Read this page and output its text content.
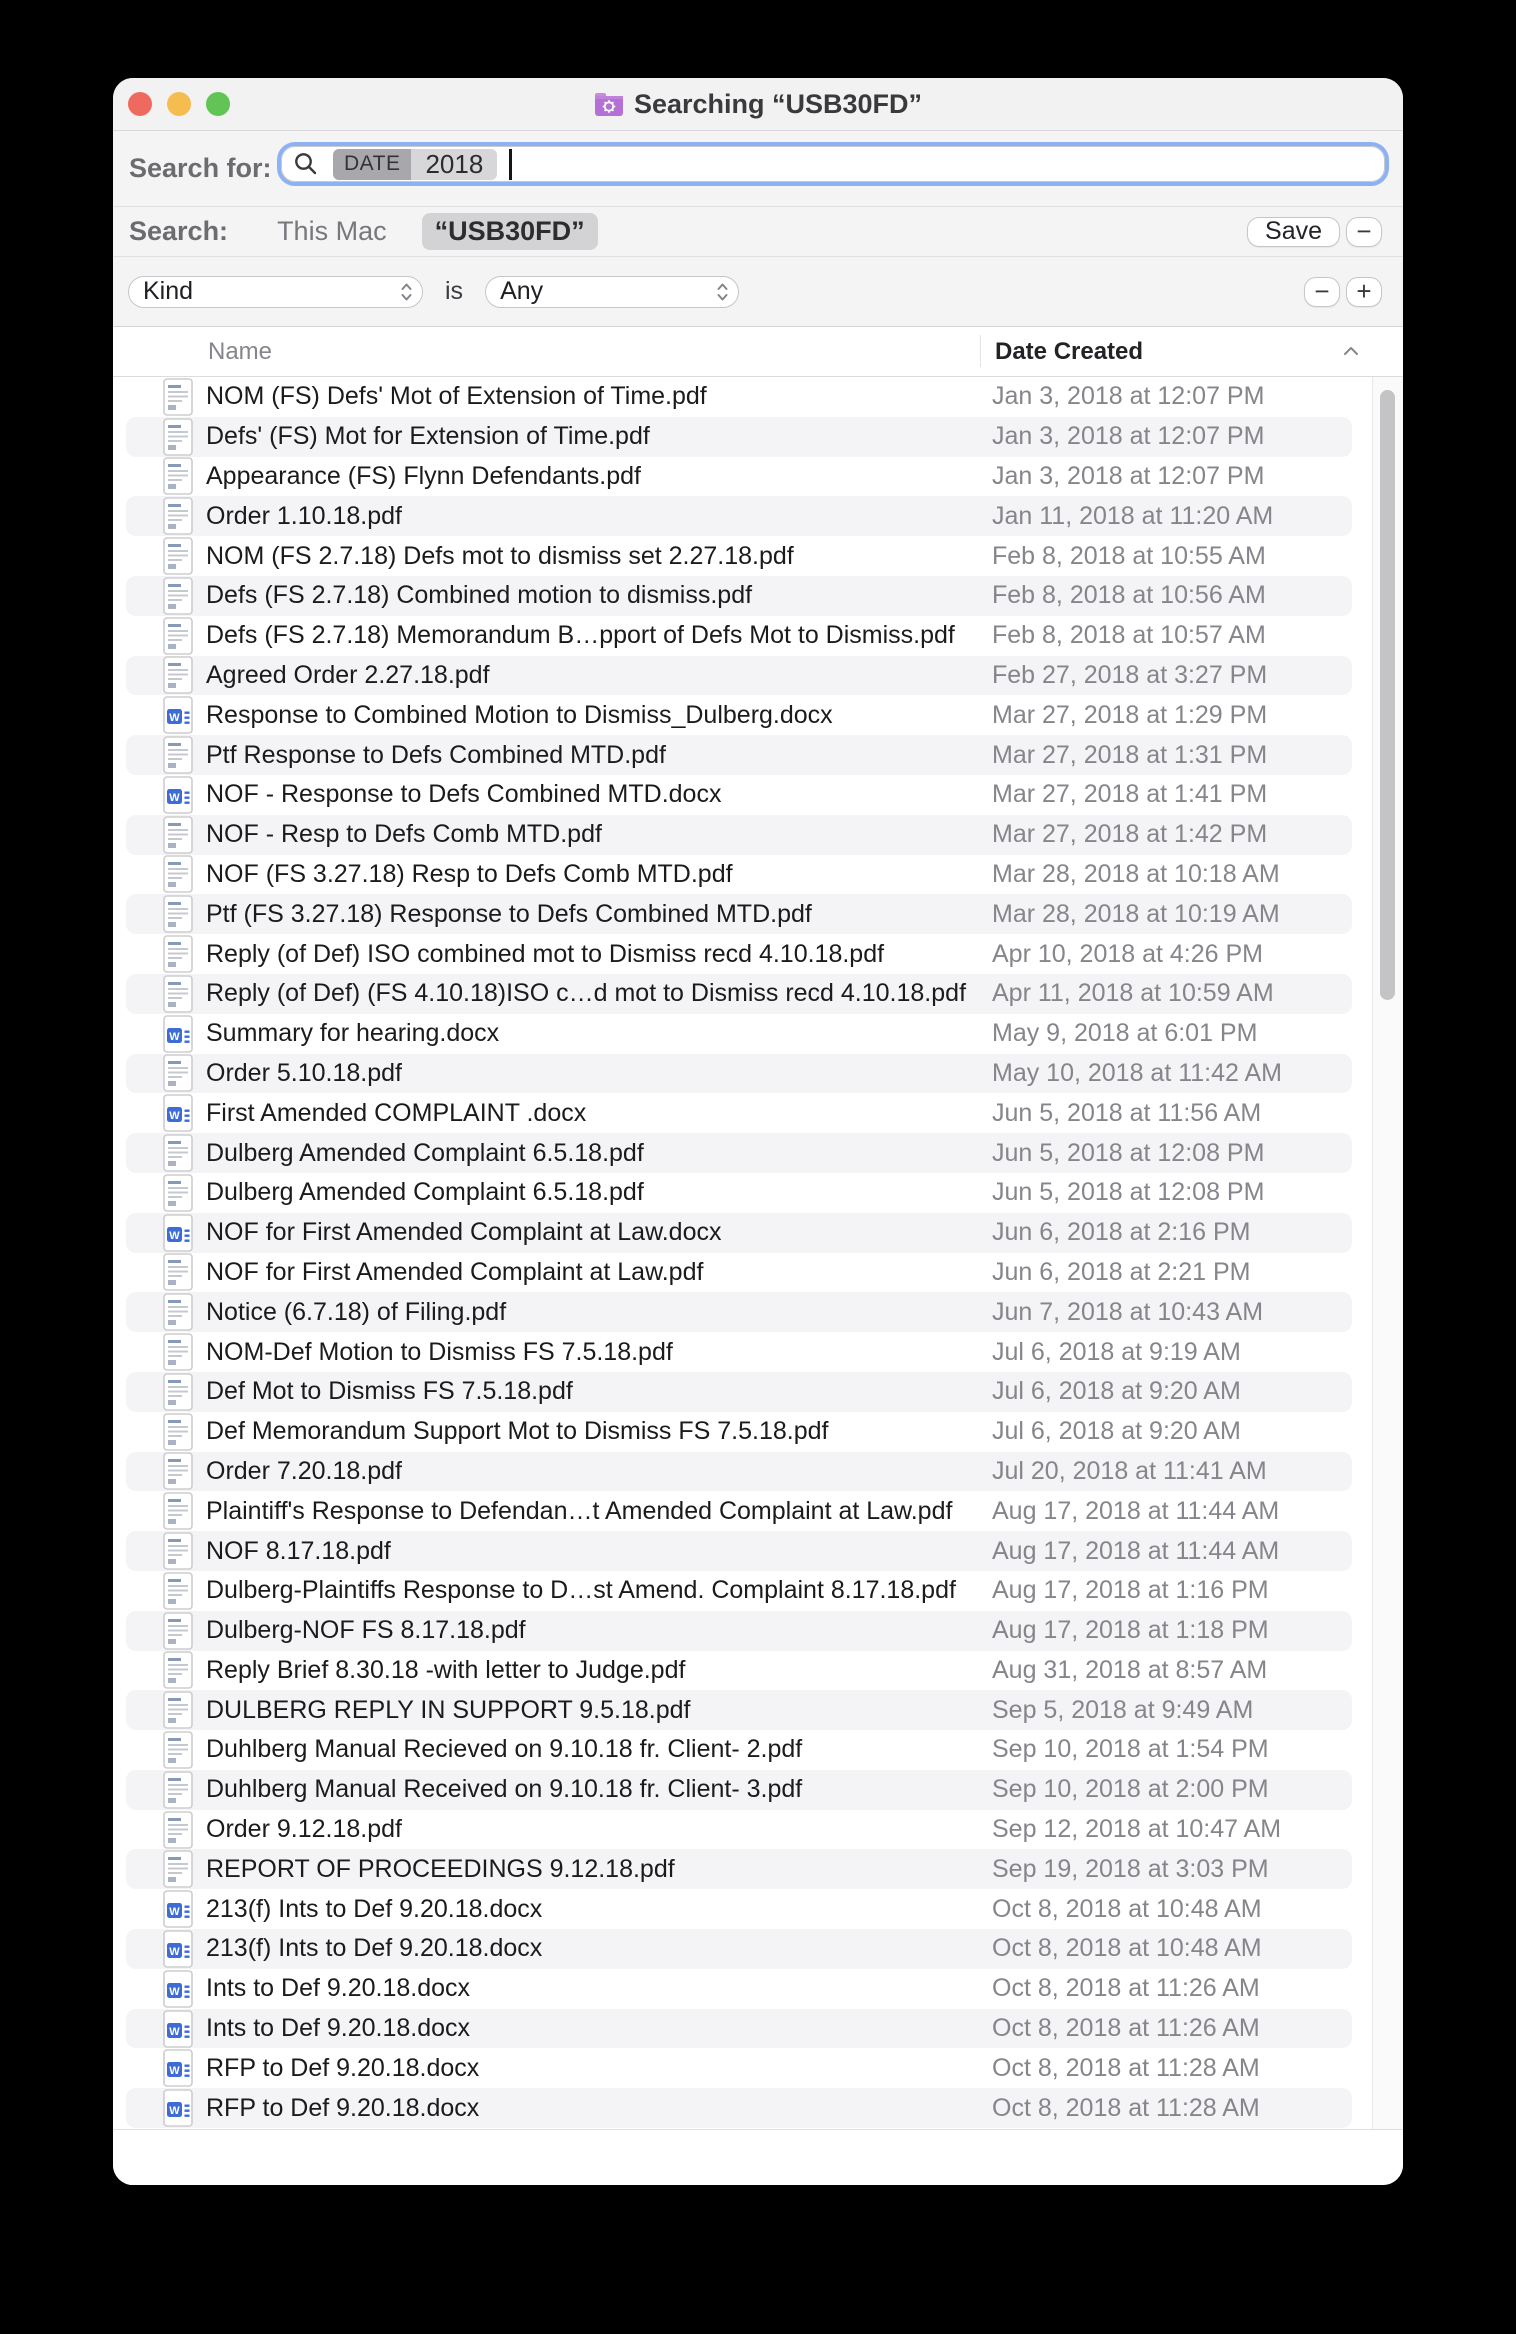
Searching “USB30FD”
Search for:	DATE 2018
Search:	This Mac	“USB30FD”	Save	−
Kind	is Any	−	+
Name	Date Created
NOM (FS) Defs' Mot of Extension of Time.pdf	Jan 3, 2018 at 12:07 PM
Defs' (FS) Mot for Extension of Time.pdf	Jan 3, 2018 at 12:07 PM
Appearance (FS) Flynn Defendants.pdf	Jan 3, 2018 at 12:07 PM
Order 1.10.18.pdf	Jan 11, 2018 at 11:20 AM
NOM (FS 2.7.18) Defs mot to dismiss set 2.27.18.pdf	Feb 8, 2018 at 10:55 AM
Defs (FS 2.7.18) Combined motion to dismiss.pdf	Feb 8, 2018 at 10:56 AM
Defs (FS 2.7.18) Memorandum B…pport of Defs Mot to Dismiss.pdf	Feb 8, 2018 at 10:57 AM
Agreed Order 2.27.18.pdf	Feb 27, 2018 at 3:27 PM
W Response to Combined Motion to Dismiss_Dulberg.docx	Mar 27, 2018 at 1:29 PM
Ptf Response to Defs Combined MTD.pdf	Mar 27, 2018 at 1:31 PM
W NOF - Response to Defs Combined MTD.docx	Mar 27, 2018 at 1:41 PM
NOF - Resp to Defs Comb MTD.pdf	Mar 27, 2018 at 1:42 PM
NOF (FS 3.27.18) Resp to Defs Comb MTD.pdf	Mar 28, 2018 at 10:18 AM
Ptf (FS 3.27.18) Response to Defs Combined MTD.pdf	Mar 28, 2018 at 10:19 AM
Reply (of Def) ISO combined mot to Dismiss recd 4.10.18.pdf	Apr 10, 2018 at 4:26 PM
Reply (of Def) (FS 4.10.18)ISO c…d mot to Dismiss recd 4.10.18.pdf	Apr 11, 2018 at 10:59 AM
W Summary for hearing.docx	May 9, 2018 at 6:01 PM
Order 5.10.18.pdf	May 10, 2018 at 11:42 AM
W First Amended COMPLAINT .docx	Jun 5, 2018 at 11:56 AM
Dulberg Amended Complaint 6.5.18.pdf	Jun 5, 2018 at 12:08 PM
Dulberg Amended Complaint 6.5.18.pdf	Jun 5, 2018 at 12:08 PM
W NOF for First Amended Complaint at Law.docx	Jun 6, 2018 at 2:16 PM
NOF for First Amended Complaint at Law.pdf	Jun 6, 2018 at 2:21 PM
Notice (6.7.18) of Filing.pdf	Jun 7, 2018 at 10:43 AM
NOM-Def Motion to Dismiss FS 7.5.18.pdf	Jul 6, 2018 at 9:19 AM
Def Mot to Dismiss FS 7.5.18.pdf	Jul 6, 2018 at 9:20 AM
Def Memorandum Support Mot to Dismiss FS 7.5.18.pdf	Jul 6, 2018 at 9:20 AM
Order 7.20.18.pdf	Jul 20, 2018 at 11:41 AM
Plaintiff's Response to Defendan…t Amended Complaint at Law.pdf	Aug 17, 2018 at 11:44 AM
NOF 8.17.18.pdf	Aug 17, 2018 at 11:44 AM
Dulberg-Plaintiffs Response to D…st Amend. Complaint 8.17.18.pdf	Aug 17, 2018 at 1:16 PM
Dulberg-NOF FS 8.17.18.pdf	Aug 17, 2018 at 1:18 PM
Reply Brief 8.30.18 -with letter to Judge.pdf	Aug 31, 2018 at 8:57 AM
DULBERG REPLY IN SUPPORT 9.5.18.pdf	Sep 5, 2018 at 9:49 AM
Duhlberg Manual Recieved on 9.10.18 fr. Client- 2.pdf	Sep 10, 2018 at 1:54 PM
Duhlberg Manual Received on 9.10.18 fr. Client- 3.pdf	Sep 10, 2018 at 2:00 PM
Order 9.12.18.pdf	Sep 12, 2018 at 10:47 AM
REPORT OF PROCEEDINGS 9.12.18.pdf	Sep 19, 2018 at 3:03 PM
W 213(f) Ints to Def 9.20.18.docx	Oct 8, 2018 at 10:48 AM
W 213(f) Ints to Def 9.20.18.docx	Oct 8, 2018 at 10:48 AM
W Ints to Def 9.20.18.docx	Oct 8, 2018 at 11:26 AM
W Ints to Def 9.20.18.docx	Oct 8, 2018 at 11:26 AM
W RFP to Def 9.20.18.docx	Oct 8, 2018 at 11:28 AM
W RFP to Def 9.20.18.docx	Oct 8, 2018 at 11:28 AM
